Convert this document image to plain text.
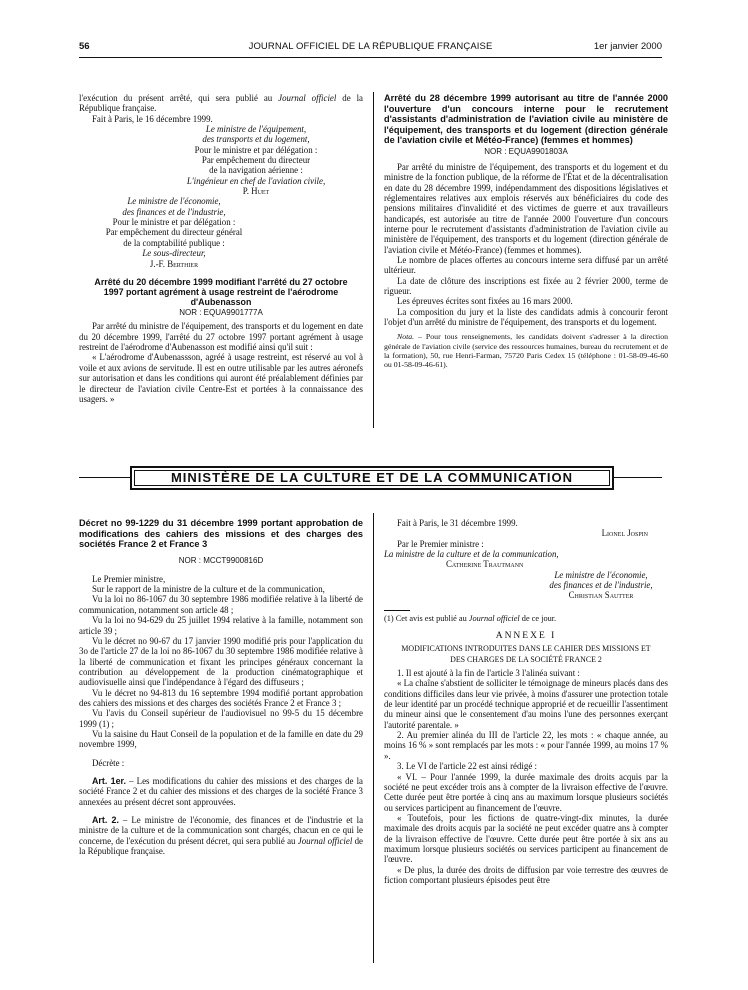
56	JOURNAL OFFICIEL DE LA RÉPUBLIQUE FRANÇAISE	1er janvier 2000

l'exécution du présent arrêté, qui sera publié au Journal officiel de la République française.

Fait à Paris, le 16 décembre 1999.

Le ministre de l'équipement,
des transports et du logement,
Pour le ministre et par délégation :
Par empêchement du directeur
de la navigation aérienne :
L'ingénieur en chef de l'aviation civile,
P. Huet
Le ministre de l'économie,
des finances et de l'industrie,
Pour le ministre et par délégation :
Par empêchement du directeur général
de la comptabilité publique :
Le sous-directeur,
J.-F. Berthier
Arrêté du 20 décembre 1999 modifiant l'arrêté du 27 octobre 1997 portant agrément à usage restreint de l'aérodrome d'Aubenasson
NOR : EQUA9901777A

Par arrêté du ministre de l'équipement, des transports et du logement en date du 20 décembre 1999, l'arrêté du 27 octobre 1997 portant agrément à usage restreint de l'aérodrome d'Aubenasson est modifié ainsi qu'il suit :

« L'aérodrome d'Aubenassson, agréé à usage restreint, est réservé au vol à voile et aux avions de servitude. Il est en outre utilisable par les autres aéronefs sur autorisation et dans les conditions qui auront été préalablement définies par le directeur de l'aviation civile Centre-Est et portées à la connaissance des usagers. »

Arrêté du 28 décembre 1999 autorisant au titre de l'année 2000 l'ouverture d'un concours interne pour le recrutement d'assistants d'administration de l'aviation civile au ministère de l'équipement, des transports et du logement (direction générale de l'aviation civile et Météo-France) (femmes et hommes)
NOR : EQUA9901803A

Par arrêté du ministre de l'équipement, des transports et du logement et du ministre de la fonction publique, de la réforme de l'État et de la décentralisation en date du 28 décembre 1999, indépendamment des dispositions législatives et réglementaires relatives aux emplois réservés aux bénéficiaires du code des pensions militaires d'invalidité et des victimes de guerre et aux travailleurs handicapés, est autorisée au titre de l'année 2000 l'ouverture d'un concours interne pour le recrutement d'assistants d'administration de l'aviation civile au ministère de l'équipement, des transports et du logement (direction générale de l'aviation civile et Météo-France) (femmes et hommes).

Le nombre de places offertes au concours interne sera diffusé par un arrêté ultérieur.

La date de clôture des inscriptions est fixée au 2 février 2000, terme de rigueur.

Les épreuves écrites sont fixées au 16 mars 2000.

La composition du jury et la liste des candidats admis à concourir feront l'objet d'un arrêté du ministre de l'équipement, des transports et du logement.

Nota. – Pour tous renseignements, les candidats doivent s'adresser à la direction générale de l'aviation civile (service des ressources humaines, bureau du recrutement et de la formation), 50, rue Henri-Farman, 75720 Paris Cedex 15 (téléphone : 01-58-09-46-60 ou 01-58-09-46-61).

MINISTÈRE DE LA CULTURE ET DE LA COMMUNICATION
Décret no 99-1229 du 31 décembre 1999 portant approbation de modifications des cahiers des missions et des charges des sociétés France 2 et France 3
NOR : MCCT9900816D

Le Premier ministre,

Sur le rapport de la ministre de la culture et de la communication,

Vu la loi no 86-1067 du 30 septembre 1986 modifiée relative à la liberté de communication, notamment son article 48 ;

Vu la loi no 94-629 du 25 juillet 1994 relative à la famille, notamment son article 39 ;

Vu le décret no 90-67 du 17 janvier 1990 modifié pris pour l'application du 3o de l'article 27 de la loi no 86-1067 du 30 septembre 1986 modifiée relative à la liberté de communication et fixant les principes généraux concernant la contribution au développement de la production cinématographique et audiovisuelle ainsi que l'indépendance à l'égard des diffuseurs ;

Vu le décret no 94-813 du 16 septembre 1994 modifié portant approbation des cahiers des missions et des charges des sociétés France 2 et France 3 ;

Vu l'avis du Conseil supérieur de l'audiovisuel no 99-5 du 15 décembre 1999 (1) ;

Vu la saisine du Haut Conseil de la population et de la famille en date du 29 novembre 1999,

Décrète :

Art. 1er. – Les modifications du cahier des missions et des charges de la société France 2 et du cahier des missions et des charges de la société France 3 annexées au présent décret sont approuvées.

Art. 2. – Le ministre de l'économie, des finances et de l'industrie et la ministre de la culture et de la communication sont chargés, chacun en ce qui le concerne, de l'exécution du présent décret, qui sera publié au Journal officiel de la République française.

Fait à Paris, le 31 décembre 1999.

Lionel Jospin

Par le Premier ministre :

La ministre de la culture et de la communication,
Catherine Trautmann
Le ministre de l'économie,
des finances et de l'industrie,
Christian Sautter

(1) Cet avis est publié au Journal officiel de ce jour.

ANNEXE I
MODIFICATIONS INTRODUITES DANS LE CAHIER DES MISSIONS ET DES CHARGES DE LA SOCIÉTÉ FRANCE 2

1. Il est ajouté à la fin de l'article 3 l'alinéa suivant :

« La chaîne s'abstient de solliciter le témoignage de mineurs placés dans des conditions difficiles dans leur vie privée, à moins d'assurer une protection totale de leur identité par un procédé technique approprié et de recueillir l'assentiment du mineur ainsi que le consentement d'au moins l'une des personnes exerçant l'autorité parentale. »

2. Au premier alinéa du III de l'article 22, les mots : « chaque année, au moins 16 % » sont remplacés par les mots : « pour l'année 1999, au moins 17 % ».

3. Le VI de l'article 22 est ainsi rédigé :

« VI. – Pour l'année 1999, la durée maximale des droits acquis par la société ne peut excéder trois ans à compter de la livraison effective de l'œuvre. Cette durée peut être portée à cinq ans au maximum lorsque plusieurs sociétés ou services participent au financement de l'œuvre.

« Toutefois, pour les fictions de quatre-vingt-dix minutes, la durée maximale des droits acquis par la société ne peut excéder quatre ans à compter de la livraison effective de l'œuvre. Cette durée peut être portée à six ans au maximum lorsque plusieurs sociétés ou services participent au financement de l'œuvre.

« De plus, la durée des droits de diffusion par voie terrestre des œuvres de fiction comportant plusieurs épisodes peut être
